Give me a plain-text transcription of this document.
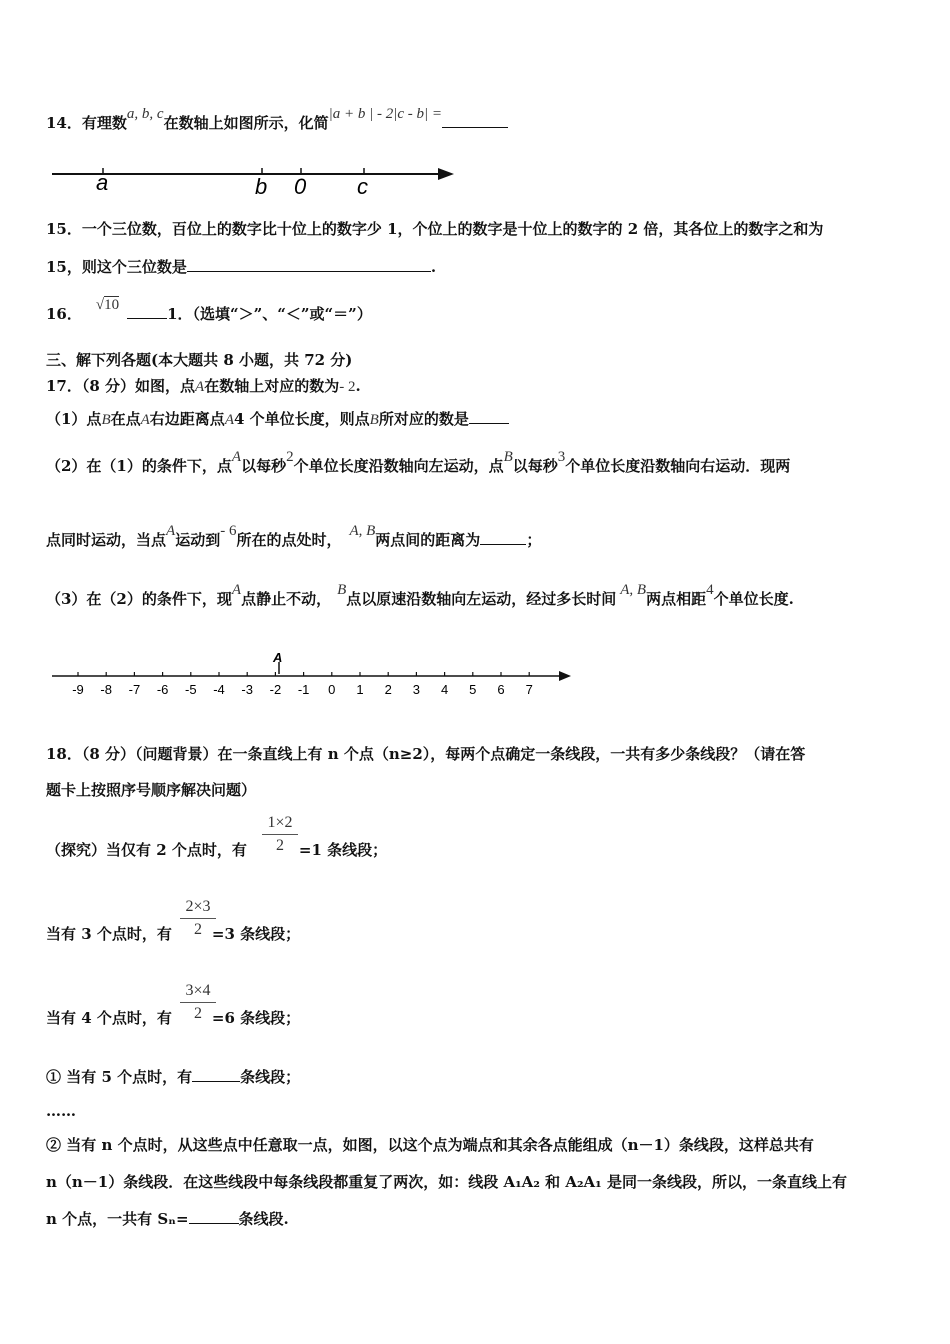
14．有理数a, b, c在数轴上如图所示，化简|a + b | - 2|c - b| =
a	b 0 c
15．一个三位数，百位上的数字比十位上的数字少 1，个位上的数字是十位上的数字的 2 倍，其各位上的数字之和为
15，则这个三位数是	.
16． √10	1．（选填“＞”、“＜”或“＝”）
三、解下列各题(本大题共 8 小题，共 72 分)
17．（8 分）如图，点A在数轴上对应的数为- 2.
（1）点B在点A右边距离点A4 个单位长度，则点B所对应的数是
（2）在（1）的条件下，点A以每秒2个单位长度沿数轴向左运动，点B以每秒3个单位长度沿数轴向右运动．现两
点同时运动，当点A运动到- 6所在的点处时， A, B两点间的距离为	；
（3）在（2）的条件下，现A点静止不动， B点以原速沿数轴向左运动，经过多长时间 A, B两点相距4个单位长度.
A
-9 -8 -7 -6 -5 -4 -3 -2 -1 0 1 2 3 4 5 6 7
18．（8 分）（问题背景）在一条直线上有 n 个点（n≥2），每两个点确定一条线段，一共有多少条线段？（请在答
题卡上按照序号顺序解决问题）
（探究）当仅有 2 个点时，有	=1 条线段；
$\frac{1\times 2}{2}$
当有 3 个点时，有	=3 条线段；
$\frac{2\times 3}{2}$
当有 4 个点时，有	=6 条线段；
$\frac{3\times 4}{2}$
① 当有 5 个点时，有	条线段；
……
② 当有 n 个点时，从这些点中任意取一点，如图，以这个点为端点和其余各点能组成（n－1）条线段，这样总共有
n（n－1）条线段．在这些线段中每条线段都重复了两次，如：线段 A₁A₂ 和 A₂A₁ 是同一条线段，所以，一条直线上有
n 个点，一共有 Sₙ=	条线段.
